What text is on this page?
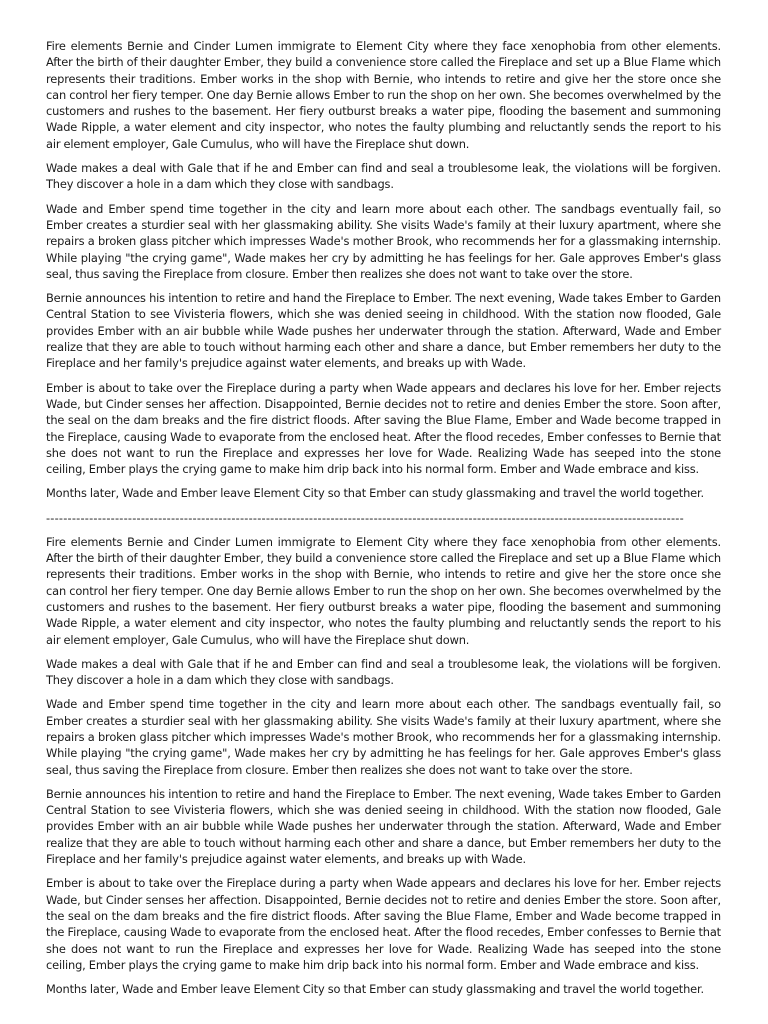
Fire elements Bernie and Cinder Lumen immigrate to Element City where they face xenophobia from other elements. After the birth of their daughter Ember, they build a convenience store called the Fireplace and set up a Blue Flame which represents their traditions. Ember works in the shop with Bernie, who intends to retire and give her the store once she can control her fiery temper. One day Bernie allows Ember to run the shop on her own. She becomes overwhelmed by the customers and rushes to the basement. Her fiery outburst breaks a water pipe, flooding the basement and summoning Wade Ripple, a water element and city inspector, who notes the faulty plumbing and reluctantly sends the report to his air element employer, Gale Cumulus, who will have the Fireplace shut down.

Wade makes a deal with Gale that if he and Ember can find and seal a troublesome leak, the violations will be forgiven. They discover a hole in a dam which they close with sandbags.

Wade and Ember spend time together in the city and learn more about each other. The sandbags eventually fail, so Ember creates a sturdier seal with her glassmaking ability. She visits Wade's family at their luxury apartment, where she repairs a broken glass pitcher which impresses Wade's mother Brook, who recommends her for a glassmaking internship. While playing "the crying game", Wade makes her cry by admitting he has feelings for her. Gale approves Ember's glass seal, thus saving the Fireplace from closure. Ember then realizes she does not want to take over the store.

Bernie announces his intention to retire and hand the Fireplace to Ember. The next evening, Wade takes Ember to Garden Central Station to see Vivisteria flowers, which she was denied seeing in childhood. With the station now flooded, Gale provides Ember with an air bubble while Wade pushes her underwater through the station. Afterward, Wade and Ember realize that they are able to touch without harming each other and share a dance, but Ember remembers her duty to the Fireplace and her family's prejudice against water elements, and breaks up with Wade.

Ember is about to take over the Fireplace during a party when Wade appears and declares his love for her. Ember rejects Wade, but Cinder senses her affection. Disappointed, Bernie decides not to retire and denies Ember the store. Soon after, the seal on the dam breaks and the fire district floods. After saving the Blue Flame, Ember and Wade become trapped in the Fireplace, causing Wade to evaporate from the enclosed heat. After the flood recedes, Ember confesses to Bernie that she does not want to run the Fireplace and expresses her love for Wade. Realizing Wade has seeped into the stone ceiling, Ember plays the crying game to make him drip back into his normal form. Ember and Wade embrace and kiss.

Months later, Wade and Ember leave Element City so that Ember can study glassmaking and travel the world together.

----------------------------------------------------------------------------------------------------------------------------------------------------

Fire elements Bernie and Cinder Lumen immigrate to Element City where they face xenophobia from other elements. After the birth of their daughter Ember, they build a convenience store called the Fireplace and set up a Blue Flame which represents their traditions. Ember works in the shop with Bernie, who intends to retire and give her the store once she can control her fiery temper. One day Bernie allows Ember to run the shop on her own. She becomes overwhelmed by the customers and rushes to the basement. Her fiery outburst breaks a water pipe, flooding the basement and summoning Wade Ripple, a water element and city inspector, who notes the faulty plumbing and reluctantly sends the report to his air element employer, Gale Cumulus, who will have the Fireplace shut down.

Wade makes a deal with Gale that if he and Ember can find and seal a troublesome leak, the violations will be forgiven. They discover a hole in a dam which they close with sandbags.

Wade and Ember spend time together in the city and learn more about each other. The sandbags eventually fail, so Ember creates a sturdier seal with her glassmaking ability. She visits Wade's family at their luxury apartment, where she repairs a broken glass pitcher which impresses Wade's mother Brook, who recommends her for a glassmaking internship. While playing "the crying game", Wade makes her cry by admitting he has feelings for her. Gale approves Ember's glass seal, thus saving the Fireplace from closure. Ember then realizes she does not want to take over the store.

Bernie announces his intention to retire and hand the Fireplace to Ember. The next evening, Wade takes Ember to Garden Central Station to see Vivisteria flowers, which she was denied seeing in childhood. With the station now flooded, Gale provides Ember with an air bubble while Wade pushes her underwater through the station. Afterward, Wade and Ember realize that they are able to touch without harming each other and share a dance, but Ember remembers her duty to the Fireplace and her family's prejudice against water elements, and breaks up with Wade.

Ember is about to take over the Fireplace during a party when Wade appears and declares his love for her. Ember rejects Wade, but Cinder senses her affection. Disappointed, Bernie decides not to retire and denies Ember the store. Soon after, the seal on the dam breaks and the fire district floods. After saving the Blue Flame, Ember and Wade become trapped in the Fireplace, causing Wade to evaporate from the enclosed heat. After the flood recedes, Ember confesses to Bernie that she does not want to run the Fireplace and expresses her love for Wade. Realizing Wade has seeped into the stone ceiling, Ember plays the crying game to make him drip back into his normal form. Ember and Wade embrace and kiss.

Months later, Wade and Ember leave Element City so that Ember can study glassmaking and travel the world together.
